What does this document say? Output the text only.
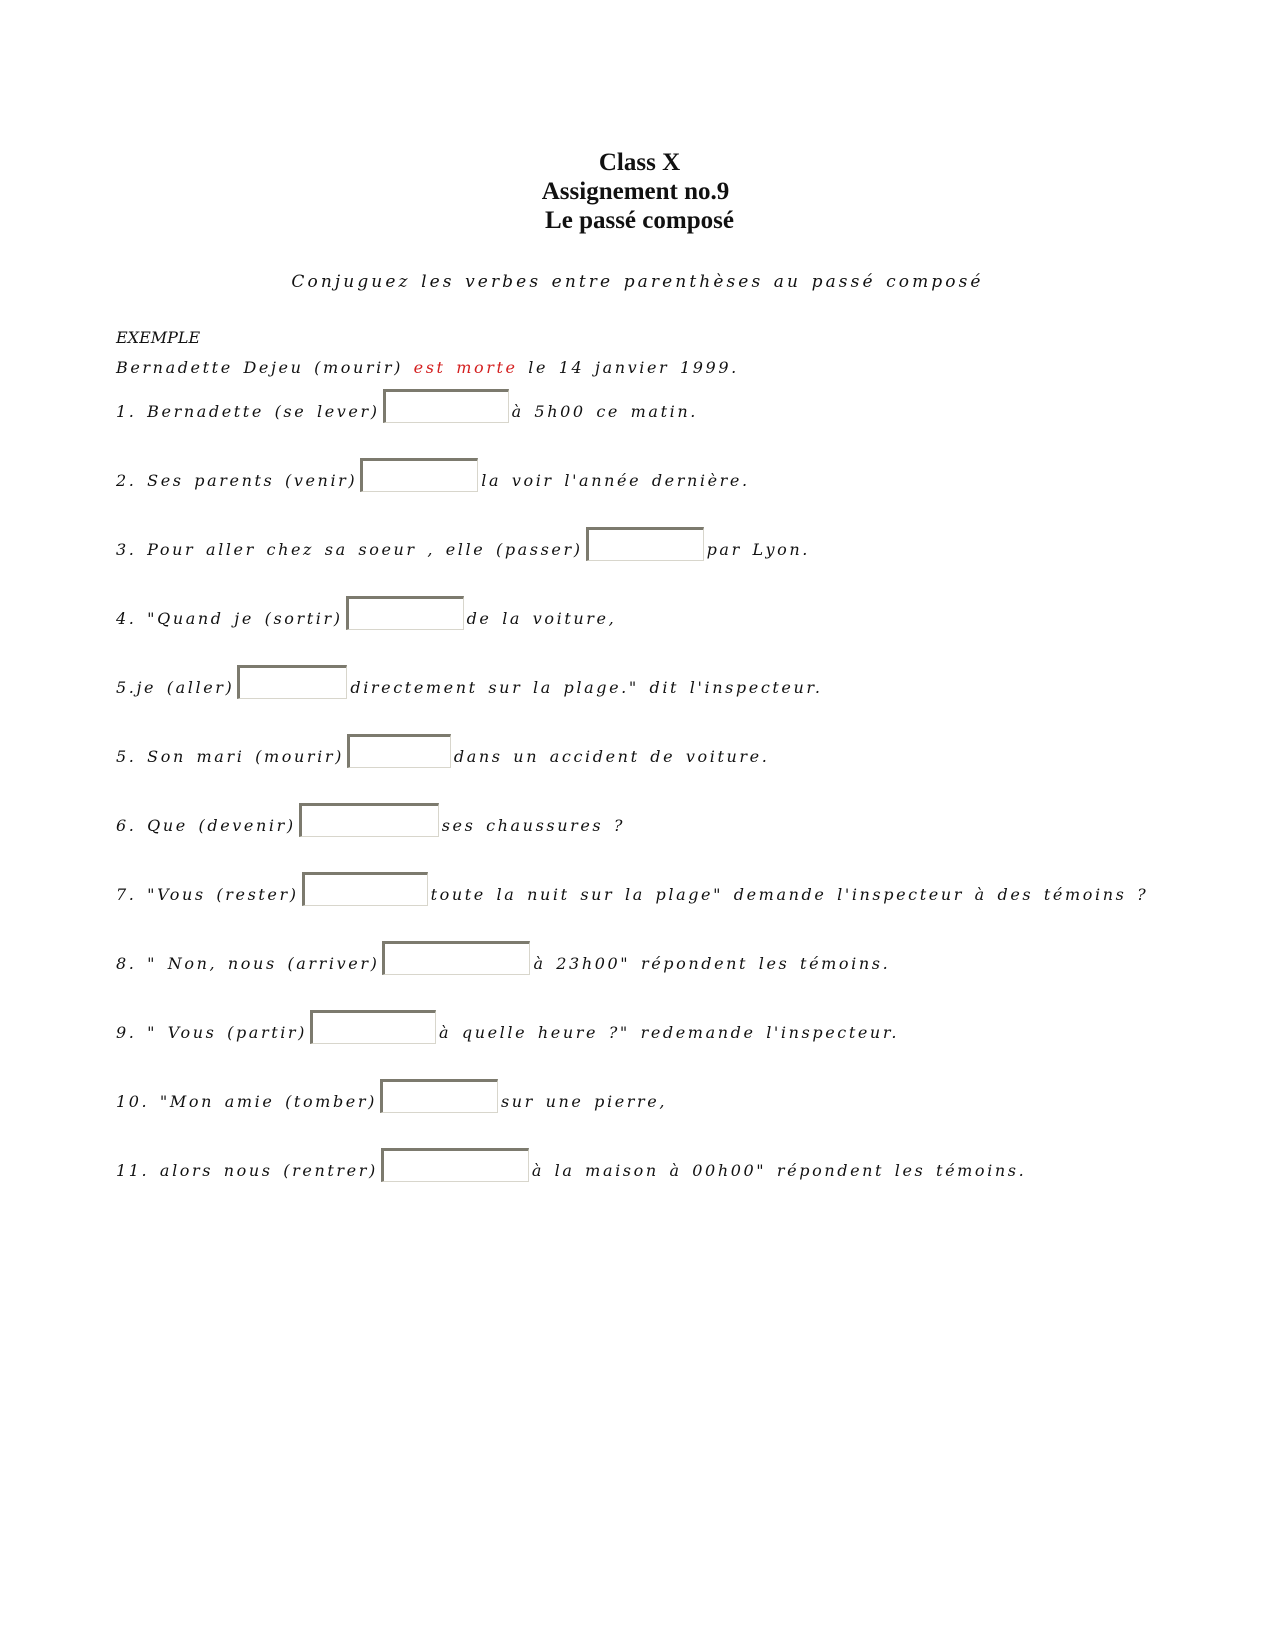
Class X
Assignement no.9
Le passé composé
Conjuguez les verbes entre parenthèses au passé composé
EXEMPLE
Bernadette Dejeu (mourir) est morte le 14 janvier 1999.
1. Bernadette (se lever)	à 5h00 ce matin.
2. Ses parents (venir)	la voir l'année dernière.
3. Pour aller chez sa soeur , elle (passer)	par Lyon.
4. "Quand je (sortir)	de la voiture,
5.je (aller)	directement sur la plage." dit l'inspecteur.
5. Son mari (mourir)	dans un accident de voiture.
6. Que (devenir)	ses chaussures ?
7. "Vous (rester)	toute la nuit sur la plage" demande l'inspecteur à des témoins ?
8. " Non, nous (arriver)	à 23h00" répondent les témoins.
9. " Vous (partir)	à quelle heure ?" redemande l'inspecteur.
10. "Mon amie (tomber)	sur une pierre,
11. alors nous (rentrer)	à la maison à 00h00" répondent les témoins.
